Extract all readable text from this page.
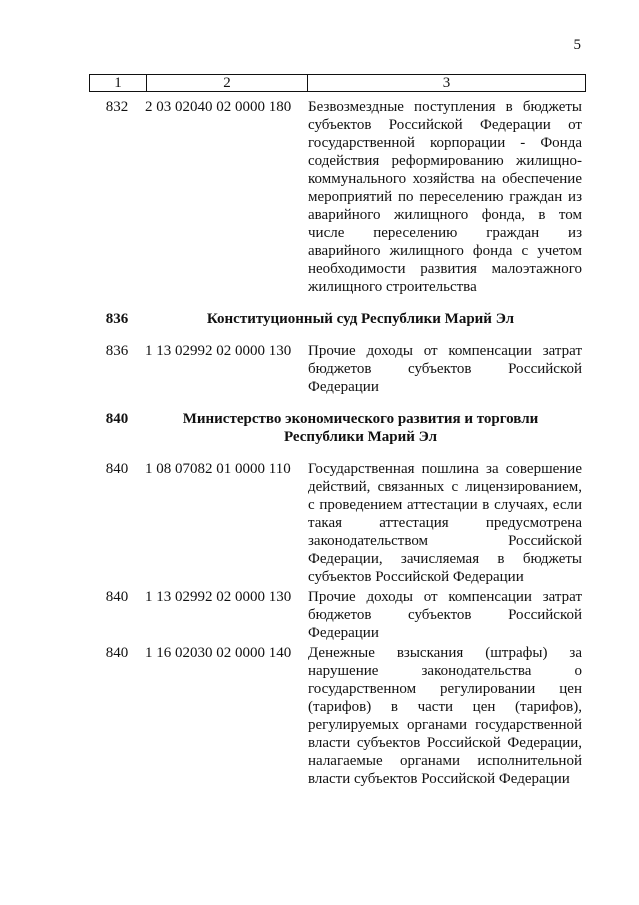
5
1	2	3
832	2 03 02040 02 0000 180	Безвозмездные поступления в бюджеты субъектов Российской Федерации от государственной корпорации - Фонда содействия реформированию жилищно-коммунального хозяйства на обеспечение мероприятий по переселению граждан из аварийного жилищного фонда, в том числе переселению граждан из аварийного жилищного фонда с учетом необходимости развития малоэтажного жилищного строительства
836	Конституционный суд Республики Марий Эл
836	1 13 02992 02 0000 130	Прочие доходы от компенсации затрат бюджетов субъектов Российской Федерации
840	Министерство экономического развития и торговли Республики Марий Эл
840	1 08 07082 01 0000 110	Государственная пошлина за совершение действий, связанных с лицензированием, с проведением аттестации в случаях, если такая аттестация предусмотрена законодательством Российской Федерации, зачисляемая в бюджеты субъектов Российской Федерации
840	1 13 02992 02 0000 130	Прочие доходы от компенсации затрат бюджетов субъектов Российской Федерации
840	1 16 02030 02 0000 140	Денежные взыскания (штрафы) за нарушение законодательства о государственном регулировании цен (тарифов) в части цен (тарифов), регулируемых органами государственной власти субъектов Российской Федерации, налагаемые органами исполнительной власти субъектов Российской Федерации
